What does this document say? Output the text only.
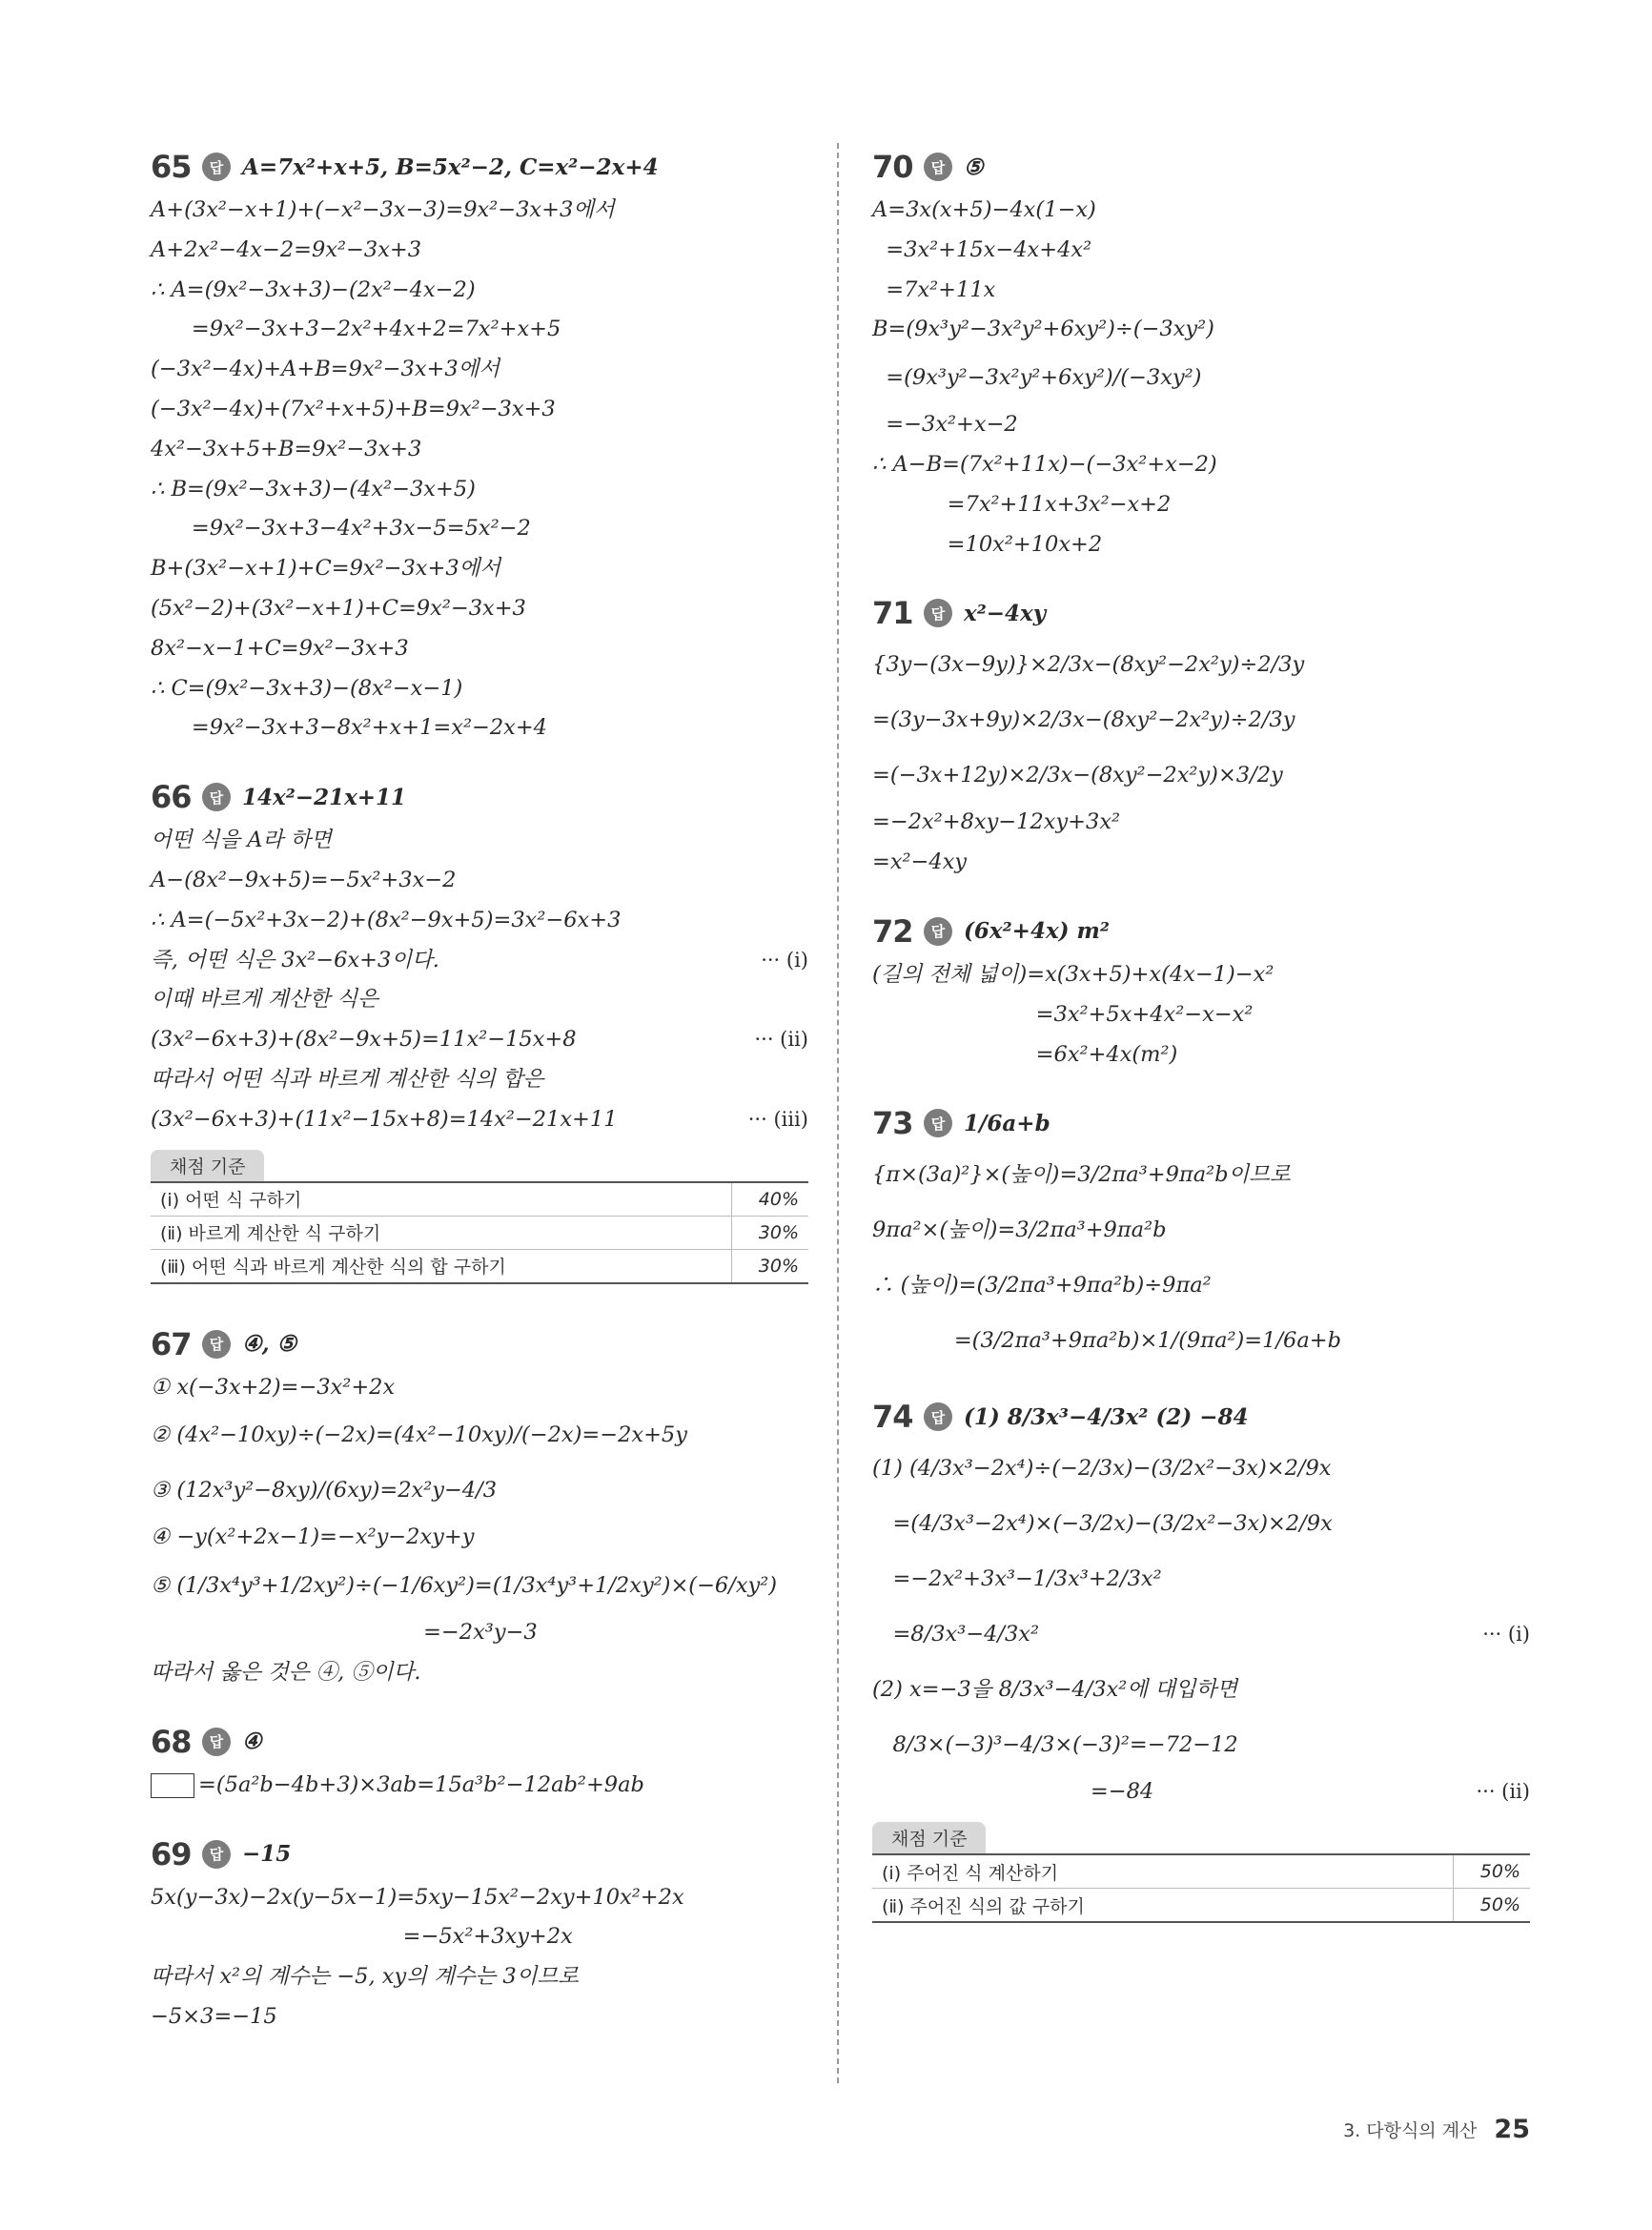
65	답 A=7x²+x+5, B=5x²−2, C=x²−2x+4
A+(3x²−x+1)+(−x²−3x−3)=9x²−3x+3에서
A+2x²−4x−2=9x²−3x+3
∴ A=(9x²−3x+3)−(2x²−4x−2)
=9x²−3x+3−2x²+4x+2=7x²+x+5
(−3x²−4x)+A+B=9x²−3x+3에서
(−3x²−4x)+(7x²+x+5)+B=9x²−3x+3
4x²−3x+5+B=9x²−3x+3
∴ B=(9x²−3x+3)−(4x²−3x+5)
=9x²−3x+3−4x²+3x−5=5x²−2
B+(3x²−x+1)+C=9x²−3x+3에서
(5x²−2)+(3x²−x+1)+C=9x²−3x+3
8x²−x−1+C=9x²−3x+3
∴ C=(9x²−3x+3)−(8x²−x−1)
=9x²−3x+3−8x²+x+1=x²−2x+4
66	답 14x²−21x+11
어떤 식을 A라 하면
A−(8x²−9x+5)=−5x²+3x−2
∴ A=(−5x²+3x−2)+(8x²−9x+5)=3x²−6x+3
즉, 어떤 식은 3x²−6x+3이다.	··· (ⅰ)
이때 바르게 계산한 식은
(3x²−6x+3)+(8x²−9x+5)=11x²−15x+8	··· (ⅱ)
따라서 어떤 식과 바르게 계산한 식의 합은
(3x²−6x+3)+(11x²−15x+8)=14x²−21x+11	··· (ⅲ)
채점 기준
(ⅰ) 어떤 식 구하기	40%
(ⅱ) 바르게 계산한 식 구하기	30%
(ⅲ) 어떤 식과 바르게 계산한 식의 합 구하기	30%
67	답 ④, ⑤
① x(−3x+2)=−3x²+2x
② (4x²−10xy)÷(−2x)=(4x²−10xy)/(−2x)=−2x+5y
③ (12x³y²−8xy)/(6xy)=2x²y−4/3
④ −y(x²+2x−1)=−x²y−2xy+y
⑤ (1/3x⁴y³+1/2xy²)÷(−1/6xy²)=(1/3x⁴y³+1/2xy²)×(−6/xy²)
=−2x³y−3
따라서 옳은 것은 ④, ⑤이다.
68	답 ④
=(5a²b−4b+3)×3ab=15a³b²−12ab²+9ab
69	답 −15
5x(y−3x)−2x(y−5x−1)=5xy−15x²−2xy+10x²+2x
=−5x²+3xy+2x
따라서 x²의 계수는 −5, xy의 계수는 3이므로
−5×3=−15
70	답 ⑤
A=3x(x+5)−4x(1−x)
=3x²+15x−4x+4x²
=7x²+11x
B=(9x³y²−3x²y²+6xy²)÷(−3xy²)
=(9x³y²−3x²y²+6xy²)/(−3xy²)
=−3x²+x−2
∴ A−B=(7x²+11x)−(−3x²+x−2)
=7x²+11x+3x²−x+2
=10x²+10x+2
71	답 x²−4xy
{3y−(3x−9y)}×2/3x−(8xy²−2x²y)÷2/3y
=(3y−3x+9y)×2/3x−(8xy²−2x²y)÷2/3y
=(−3x+12y)×2/3x−(8xy²−2x²y)×3/2y
=−2x²+8xy−12xy+3x²
=x²−4xy
72	답 (6x²+4x) m²
(길의 전체 넓이)=x(3x+5)+x(4x−1)−x²
=3x²+5x+4x²−x−x²
=6x²+4x(m²)
73	답 1/6a+b
{π×(3a)²}×(높이)=3/2πa³+9πa²b이므로
9πa²×(높이)=3/2πa³+9πa²b
∴ (높이)=(3/2πa³+9πa²b)÷9πa²
=(3/2πa³+9πa²b)×1/(9πa²)=1/6a+b
74	답 (1) 8/3x³−4/3x² (2) −84
(1) (4/3x³−2x⁴)÷(−2/3x)−(3/2x²−3x)×2/9x
=(4/3x³−2x⁴)×(−3/2x)−(3/2x²−3x)×2/9x
=−2x²+3x³−1/3x³+2/3x²
=8/3x³−4/3x²	··· (ⅰ)
(2) x=−3을 8/3x³−4/3x²에 대입하면
8/3×(−3)³−4/3×(−3)²=−72−12
=−84	··· (ⅱ)
채점 기준
(ⅰ) 주어진 식 계산하기	50%
(ⅱ) 주어진 식의 값 구하기	50%
3. 다항식의 계산 25
